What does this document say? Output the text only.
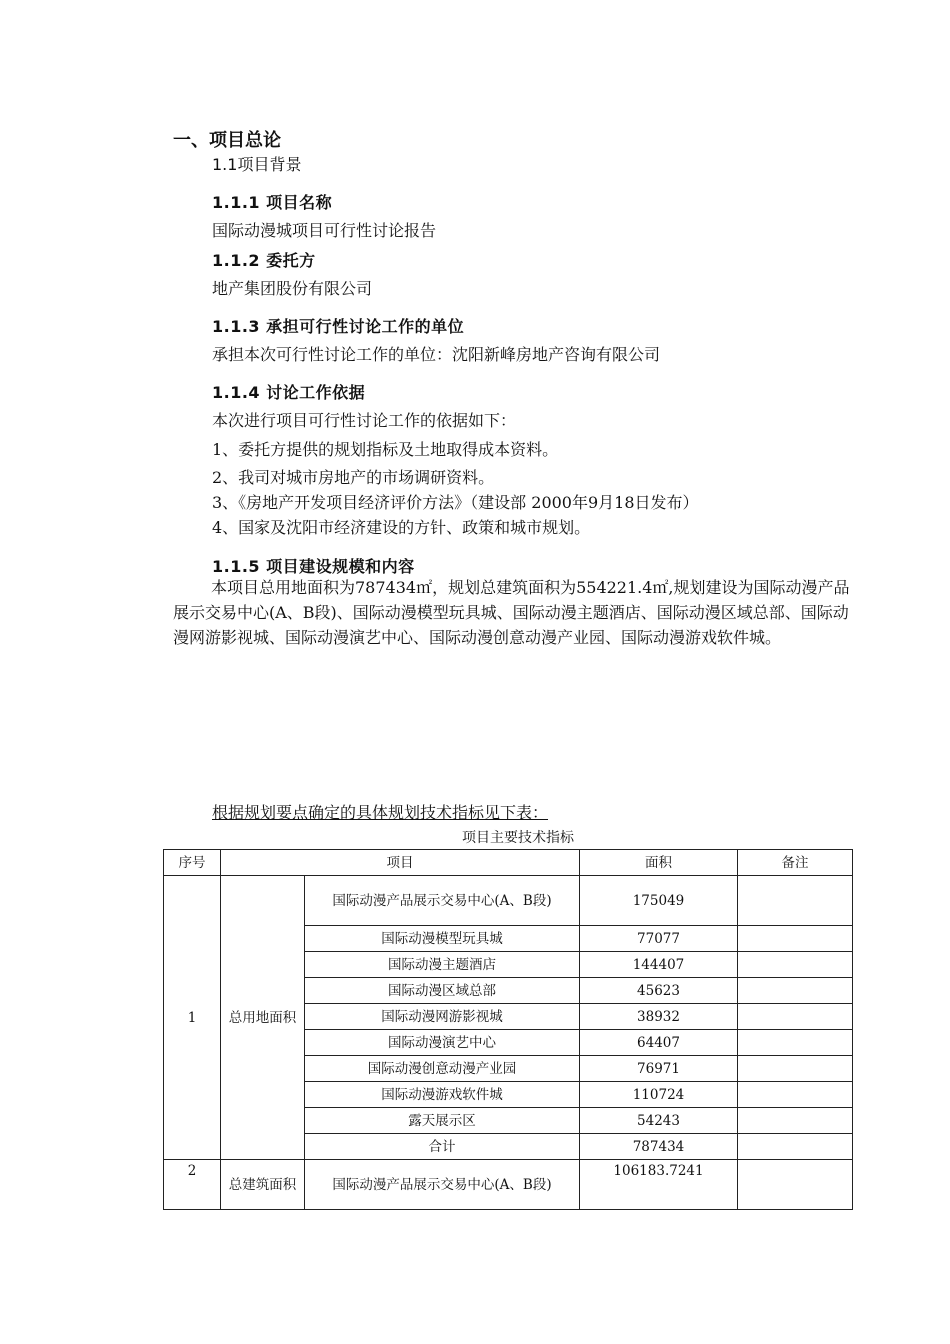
一、项目总论
1.1项目背景
1.1.1 项目名称
国际动漫城项目可行性讨论报告
1.1.2 委托方
地产集团股份有限公司
1.1.3 承担可行性讨论工作的单位
承担本次可行性讨论工作的单位：沈阳新峰房地产咨询有限公司
1.1.4 讨论工作依据
本次进行项目可行性讨论工作的依据如下：
1、委托方提供的规划指标及土地取得成本资料。
2、我司对城市房地产的市场调研资料。
3、《房地产开发项目经济评价方法》（建设部 2000年9月18日发布）
4、国家及沈阳市经济建设的方针、政策和城市规划。
1.1.5 项目建设规模和内容
本项目总用地面积为787434㎡，规划总建筑面积为554221.4㎡,规划建设为国际动漫产品展示交易中心(A、B段)、国际动漫模型玩具城、国际动漫主题酒店、国际动漫区域总部、国际动漫网游影视城、国际动漫演艺中心、国际动漫创意动漫产业园、国际动漫游戏软件城。
根据规划要点确定的具体规划技术指标见下表：
项目主要技术指标
序号	项目		面积	备注
1	总用地面积	国际动漫产品展示交易中心(A、B段)	175049	
		国际动漫模型玩具城	77077	
		国际动漫主题酒店	144407	
		国际动漫区域总部	45623	
		国际动漫网游影视城	38932	
		国际动漫演艺中心	64407	
		国际动漫创意动漫产业园	76971	
		国际动漫游戏软件城	110724	
		露天展示区	54243	
		合计	787434	
2	总建筑面积	国际动漫产品展示交易中心(A、B段)	106183.7241	
